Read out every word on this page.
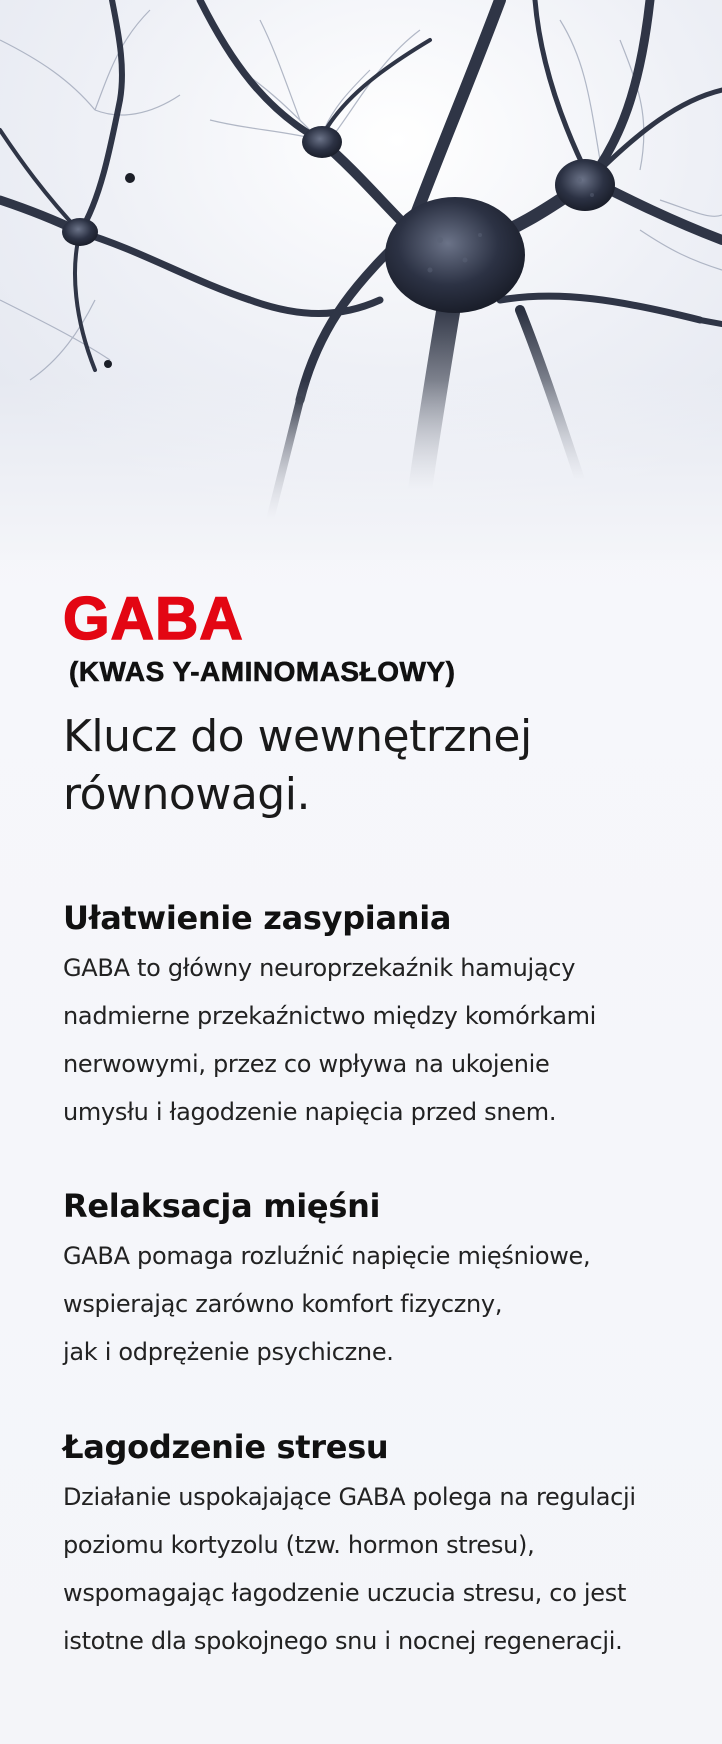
GABA
(KWAS Y-AMINOMASŁOWY)
Klucz do wewnętrznej równowagi.
Ułatwienie zasypiania

GABA to główny neuroprzekaźnik hamujący
nadmierne przekaźnictwo między komórkami
nerwowymi, przez co wpływa na ukojenie
umysłu i łagodzenie napięcia przed snem.

Relaksacja mięśni

GABA pomaga rozluźnić napięcie mięśniowe,
wspierając zarówno komfort fizyczny,
jak i odprężenie psychiczne.

Łagodzenie stresu

Działanie uspokajające GABA polega na regulacji
poziomu kortyzolu (tzw. hormon stresu),
wspomagając łagodzenie uczucia stresu, co jest
istotne dla spokojnego snu i nocnej regeneracji.
